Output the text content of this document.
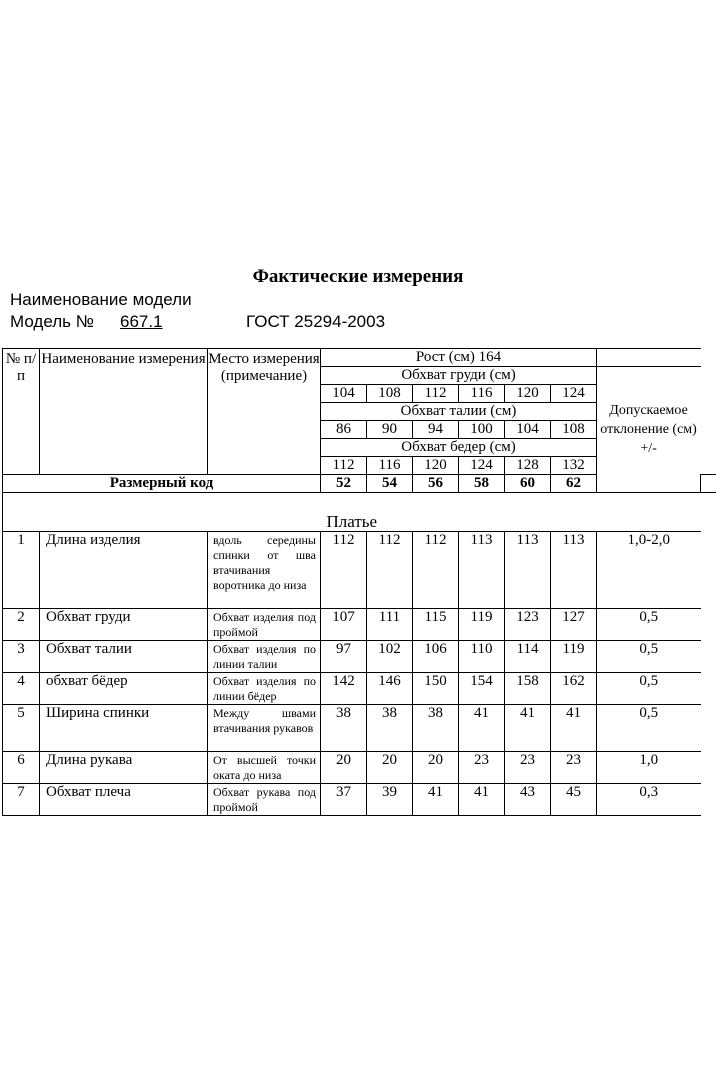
Фактические измерения
Наименование модели
Модель № 667.1	ГОСТ 25294-2003
№ п/п	Наименование измерения	Место измерения (примечание)	Рост (см) 164							
			Обхват груди (см)						Допускаемое отклонение (см) +/-	
			104	108	112	116	120	124		
			Обхват талии (см)							
			86	90	94	100	104	108		
			Обхват бедер (см)							
			112	116	120	124	128	132		
Размерный код			52	54	56	58	60	62		
Платье										
1	Длина изделия	вдоль середины спинки от шва втачивания воротника до низа	112	112	112	113	113	113	1,0-2,0	
2	Обхват груди	Обхват изделия под проймой	107	111	115	119	123	127	0,5	
3	Обхват талии	Обхват изделия по линии талии	97	102	106	110	114	119	0,5	
4	обхват бёдер	Обхват изделия по линии бёдер	142	146	150	154	158	162	0,5	
5	Ширина спинки	Между швами втачивания рукавов	38	38	38	41	41	41	0,5	
6	Длина рукава	От высшей точки оката до низа	20	20	20	23	23	23	1,0	
7	Обхват плеча	Обхват рукава под проймой	37	39	41	41	43	45	0,3	
